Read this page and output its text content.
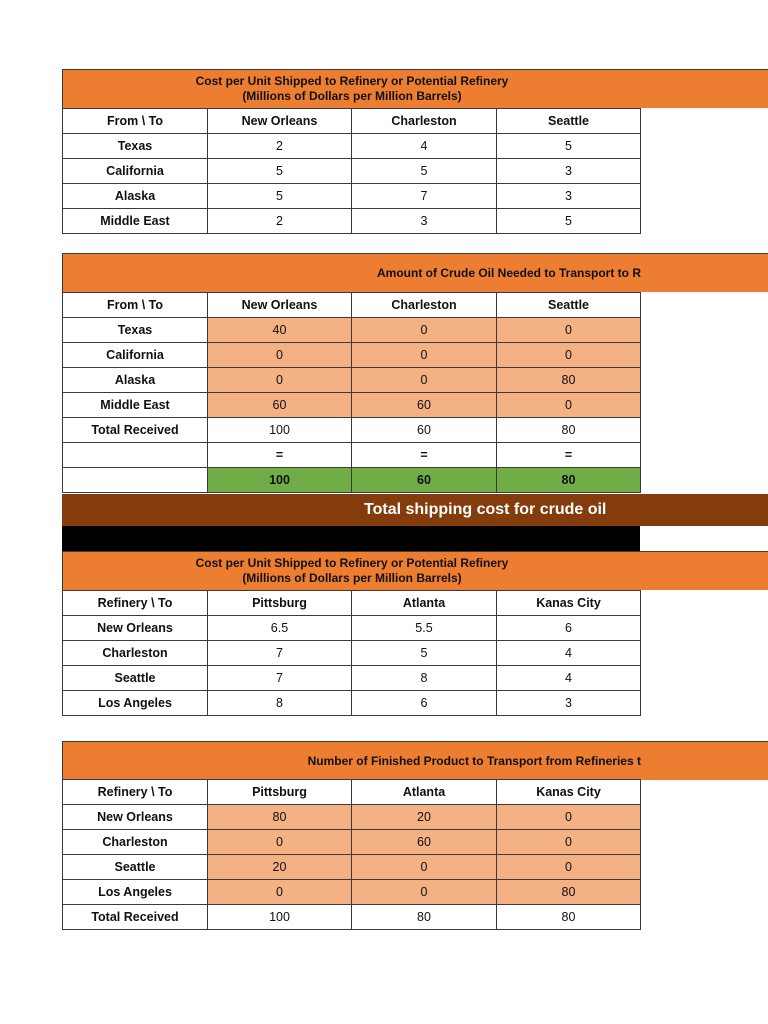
Cost per Unit Shipped to Refinery or Potential Refinery
(Millions of Dollars per Million Barrels)
From \ To	New Orleans	Charleston	Seattle
Texas	2	4	5
California	5	5	3
Alaska	5	7	3
Middle East	2	3	5
Amount of Crude Oil Needed to Transport to R
From \ To	New Orleans	Charleston	Seattle
Texas	40	0	0
California	0	0	0
Alaska	0	0	80
Middle East	60	60	0
Total Received	100	60	80
	=	=	=
	100	60	80
Total shipping cost for crude oil
Cost per Unit Shipped to Refinery or Potential Refinery
(Millions of Dollars per Million Barrels)
Refinery \ To	Pittsburg	Atlanta	Kanas City
New Orleans	6.5	5.5	6
Charleston	7	5	4
Seattle	7	8	4
Los Angeles	8	6	3
Number of Finished Product to Transport from Refineries t
Refinery \ To	Pittsburg	Atlanta	Kanas City
New Orleans	80	20	0
Charleston	0	60	0
Seattle	20	0	0
Los Angeles	0	0	80
Total Received	100	80	80
